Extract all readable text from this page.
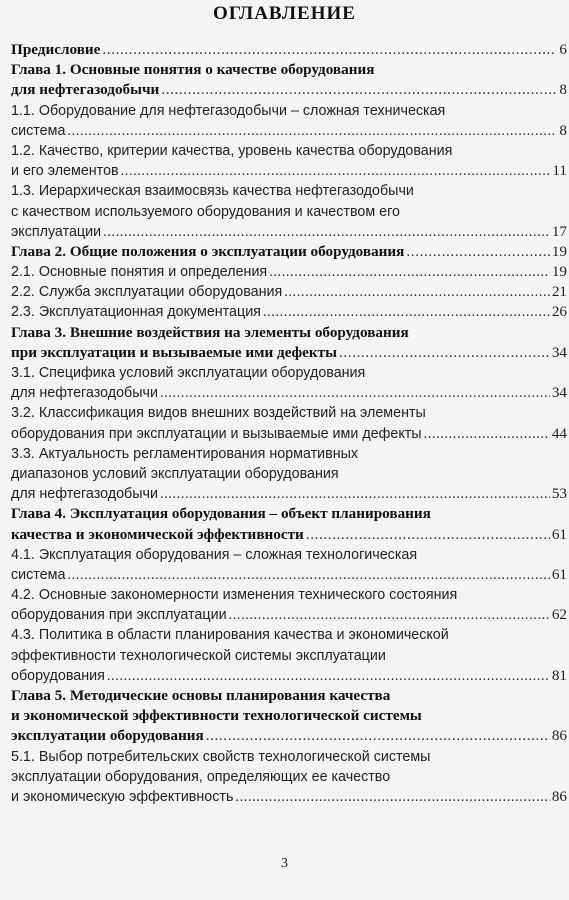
ОГЛАВЛЕНИЕ
Предисловие .....	6
Глава 1. Основные понятия о качестве оборудования
для нефтегазодобычи .....	8
1.1. Оборудование для нефтегазодобычи – сложная техническая
система .....	8
1.2. Качество, критерии качества, уровень качества оборудования
и его элементов .....	11
1.3. Иерархическая взаимосвязь качества нефтегазодобычи
с качеством используемого оборудования и качеством его
эксплуатации .....	17
Глава 2. Общие положения о эксплуатации оборудования .....	19
2.1. Основные понятия и определения .....	19
2.2. Служба эксплуатации оборудования .....	21
2.3. Эксплуатационная документация .....	26
Глава 3. Внешние воздействия на элементы оборудования
при эксплуатации и вызываемые ими дефекты .....	34
3.1. Специфика условий эксплуатации оборудования
для нефтегазодобычи .....	34
3.2. Классификация видов внешних воздействий на элементы
оборудования при эксплуатации и вызываемые ими дефекты .....	44
3.3. Актуальность регламентирования нормативных
диапазонов условий эксплуатации оборудования
для нефтегазодобычи .....	53
Глава 4. Эксплуатация оборудования – объект планирования
качества и экономической эффективности .....	61
4.1. Эксплуатация оборудования – сложная технологическая
система .....	61
4.2. Основные закономерности изменения технического состояния
оборудования при эксплуатации .....	62
4.3. Политика в области планирования качества и экономической
эффективности технологической системы эксплуатации
оборудования .....	81
Глава 5. Методические основы планирования качества
и экономической эффективности технологической системы
эксплуатации оборудования .....	86
5.1. Выбор потребительских свойств технологической системы
эксплуатации оборудования, определяющих ее качество
и экономическую эффективность .....	86
3
